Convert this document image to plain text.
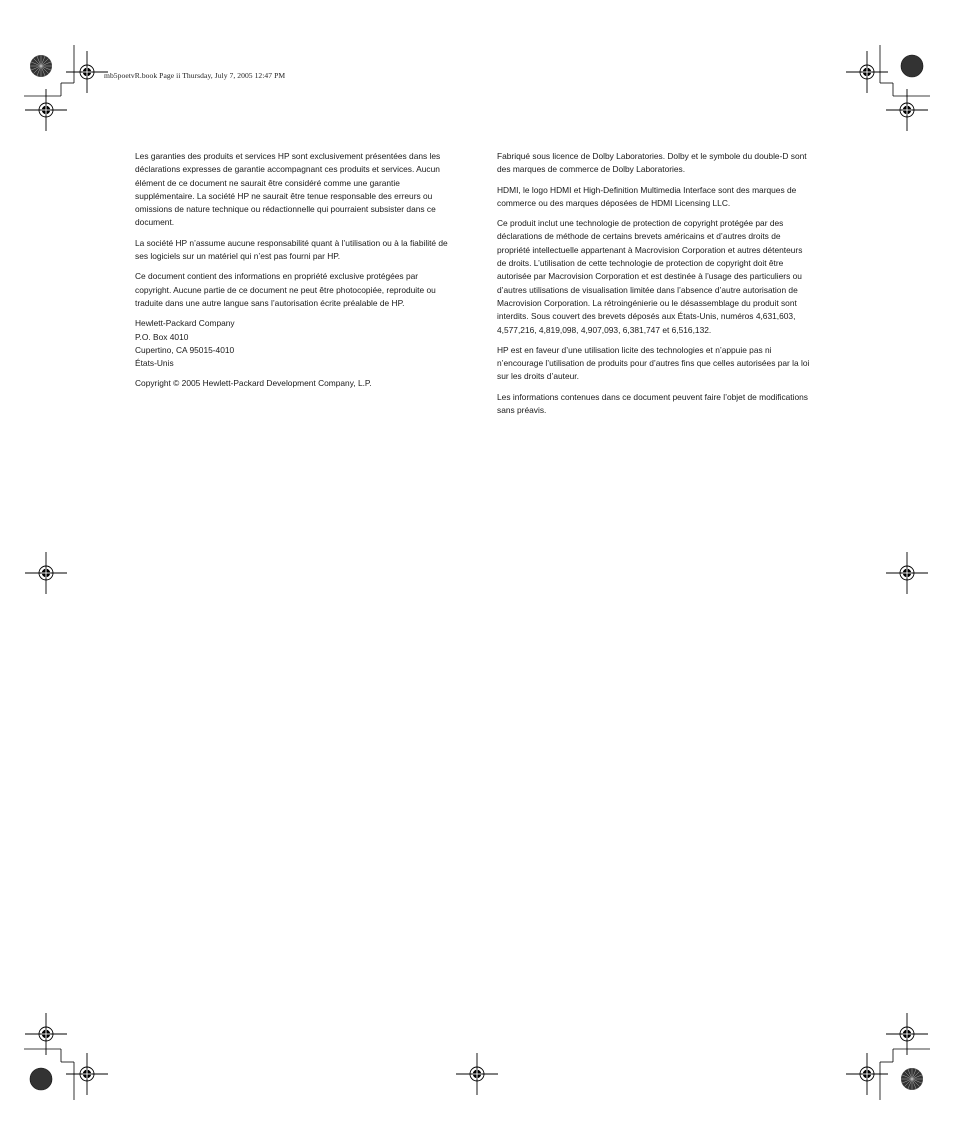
mb5poetvR.book Page ii Thursday, July 7, 2005 12:47 PM

Les garanties des produits et services HP sont exclusivement présentées dans les déclarations expresses de garantie accompagnant ces produits et services. Aucun élément de ce document ne saurait être considéré comme une garantie supplémentaire. La société HP ne saurait être tenue responsable des erreurs ou omissions de nature technique ou rédactionnelle qui pourraient subsister dans ce document.

La société HP n’assume aucune responsabilité quant à l’utilisation ou à la fiabilité de ses logiciels sur un matériel qui n’est pas fourni par HP.

Ce document contient des informations en propriété exclusive protégées par copyright. Aucune partie de ce document ne peut être photocopiée, reproduite ou traduite dans une autre langue sans l’autorisation écrite préalable de HP.

Hewlett-Packard Company
P.O. Box 4010
Cupertino, CA 95015-4010
États-Unis

Copyright © 2005 Hewlett-Packard Development Company, L.P.

Fabriqué sous licence de Dolby Laboratories. Dolby et le symbole du double-D sont des marques de commerce de Dolby Laboratories.

HDMI, le logo HDMI et High-Definition Multimedia Interface sont des marques de commerce ou des marques déposées de HDMI Licensing LLC.

Ce produit inclut une technologie de protection de copyright protégée par des déclarations de méthode de certains brevets américains et d’autres droits de propriété intellectuelle appartenant à Macrovision Corporation et autres détenteurs de droits. L’utilisation de cette technologie de protection de copyright doit être autorisée par Macrovision Corporation et est destinée à l’usage des particuliers ou d’autres utilisations de visualisation limitée dans l’absence d’autre autorisation de Macrovision Corporation. La rétroingénierie ou le désassemblage du produit sont interdits. Sous couvert des brevets déposés aux États-Unis, numéros 4,631,603, 4,577,216, 4,819,098, 4,907,093, 6,381,747 et 6,516,132.

HP est en faveur d’une utilisation licite des technologies et n’appuie pas ni n’encourage l’utilisation de produits pour d’autres fins que celles autorisées par la loi sur les droits d’auteur.

Les informations contenues dans ce document peuvent faire l’objet de modifications sans préavis.
